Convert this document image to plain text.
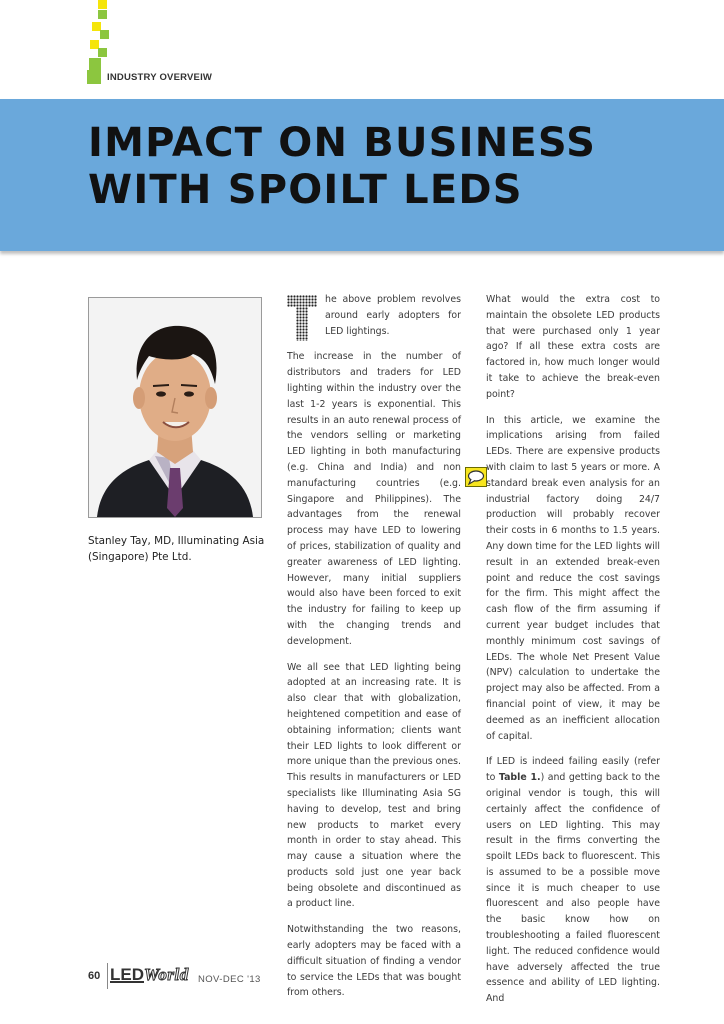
INDUSTRY OVERVEIW
IMPACT ON BUSINESS
WITH SPOILT LEDS

Stanley Tay, MD, Illuminating Asia (Singapore) Pte Ltd.

he above problem revolves around early adopters for LED lightings.

The increase in the number of distributors and traders for LED lighting within the industry over the last 1-2 years is exponential. This results in an auto renewal process of the vendors selling or marketing LED lighting in both manufacturing (e.g. China and India) and non manufacturing countries (e.g. Singapore and Philippines). The advantages from the renewal process may have LED to lowering of prices, stabilization of quality and greater awareness of LED lighting. However, many initial suppliers would also have been forced to exit the industry for failing to keep up with the changing trends and development.

We all see that LED lighting being adopted at an increasing rate. It is also clear that with globalization, heightened competition and ease of obtaining information; clients want their LED lights to look different or more unique than the previous ones. This results in manufacturers or LED specialists like Illuminating Asia SG having to develop, test and bring new products to market every month in order to stay ahead. This may cause a situation where the products sold just one year back being obsolete and discontinued as a product line.

Notwithstanding the two reasons, early adopters may be faced with a difficult situation of finding a vendor to service the LEDs that was bought from others.

What would the extra cost to maintain the obsolete LED products that were purchased only 1 year ago? If all these extra costs are factored in, how much longer would it take to achieve the break-even point?

In this article, we examine the implications arising from failed LEDs. There are expensive products with claim to last 5 years or more. A standard break even analysis for an industrial factory doing 24/7 production will probably recover their costs in 6 months to 1.5 years. Any down time for the LED lights will result in an extended break-even point and reduce the cost savings for the firm. This might affect the cash flow of the firm assuming if current year budget includes that monthly minimum cost savings of LEDs. The whole Net Present Value (NPV) calculation to undertake the project may also be affected. From a financial point of view, it may be deemed as an inefficient allocation of capital.

If LED is indeed failing easily (refer to Table 1.) and getting back to the original vendor is tough, this will certainly affect the confidence of users on LED lighting. This may result in the firms converting the spoilt LEDs back to fluorescent. This is assumed to be a possible move since it is much cheaper to use fluorescent and also people have the basic know how on troubleshooting a failed fluorescent light. The reduced confidence would have adversely affected the true essence and ability of LED lighting. And

60 LEDWorld NOV-DEC '13
